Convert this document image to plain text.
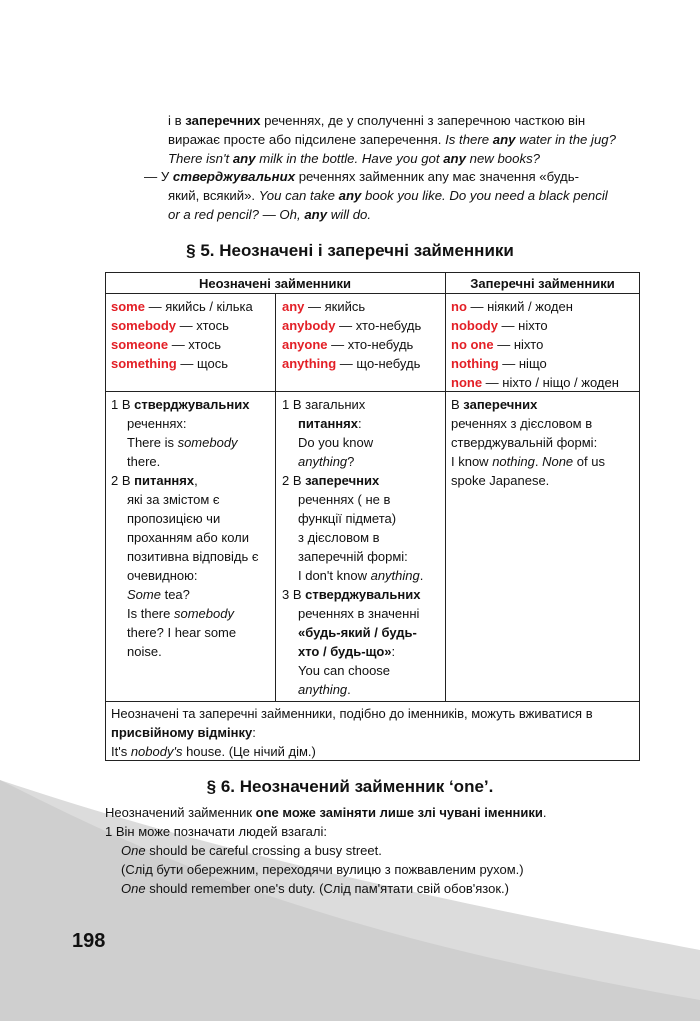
і в заперечних реченнях, де у сполученні з заперечною часткою він
виражає просте або підсилене заперечення. Is there any water in the jug?
There isn't any milk in the bottle. Have you got any new books?
— У стверджувальних реченнях займенник any має значення «будь-
який, всякий». You can take any book you like. Do you need a black pencil
or a red pencil? — Oh, any will do.
§ 5. Неозначені і заперечні займенники
Неозначені займенники	Заперечні займенники
some — якийсь / кілька
somebody — хтось
someone — хтось
something — щось
any — якийсь
anybody — хто-небудь
anyone — хто-небудь
anything — що-небудь
no — ніякий / жоден
nobody — ніхто
no one — ніхто
nothing — ніщо
none — ніхто / ніщо / жоден
1 В стверджувальних
реченнях:
There is somebody
there.
2 В питаннях,
які за змістом є
пропозицією чи
проханням або коли
позитивна відповідь є
очевидною:
Some tea?
Is there somebody
there? I hear some
noise.
1 В загальних
питаннях:
Do you know
anything?
2 В заперечних
реченнях ( не в
функції підмета)
з дієсловом в
заперечній формі:
I don't know anything.
3 В стверджувальних
реченнях в значенні
«будь-який / будь-
хто / будь-що»:
You can choose
anything.
В заперечних
реченнях з дієсловом в
стверджувальній формі:
I know nothing. None of us
spoke Japanese.
Неозначені та заперечні займенники, подібно до іменників, можуть вживатися в
присвійному відмінку:
It's nobody's house. (Це нічий дім.)
§ 6. Неозначений займенник ‘one’.
Неозначений займенник one може заміняти лише злі чувані іменники.
1 Він може позначати людей взагалі:
One should be careful crossing a busy street.
(Слід бути обережним, переходячи вулицю з пожвавленим рухом.)
One should remember one's duty. (Слід пам'ятати свій обов'язок.)
198
